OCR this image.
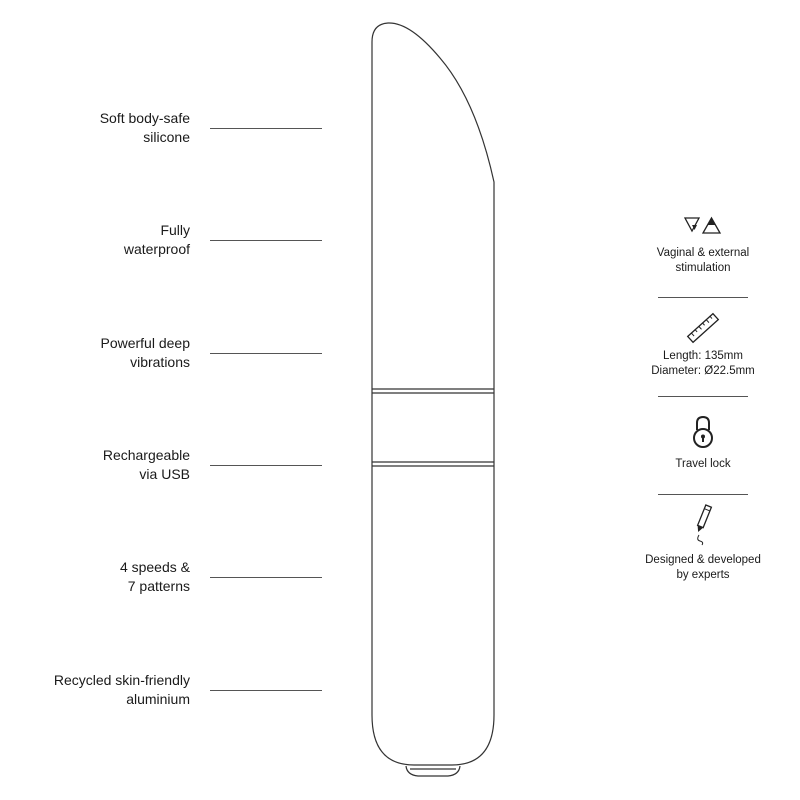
Soft body-safe
silicone
Fully
waterproof
Powerful deep
vibrations
Rechargeable
via USB
4 speeds &
7 patterns
Recycled skin-friendly
aluminium
Vaginal & external
stimulation
Length: 135mm
Diameter: Ø22.5mm
Travel lock
Designed & developed
by experts
